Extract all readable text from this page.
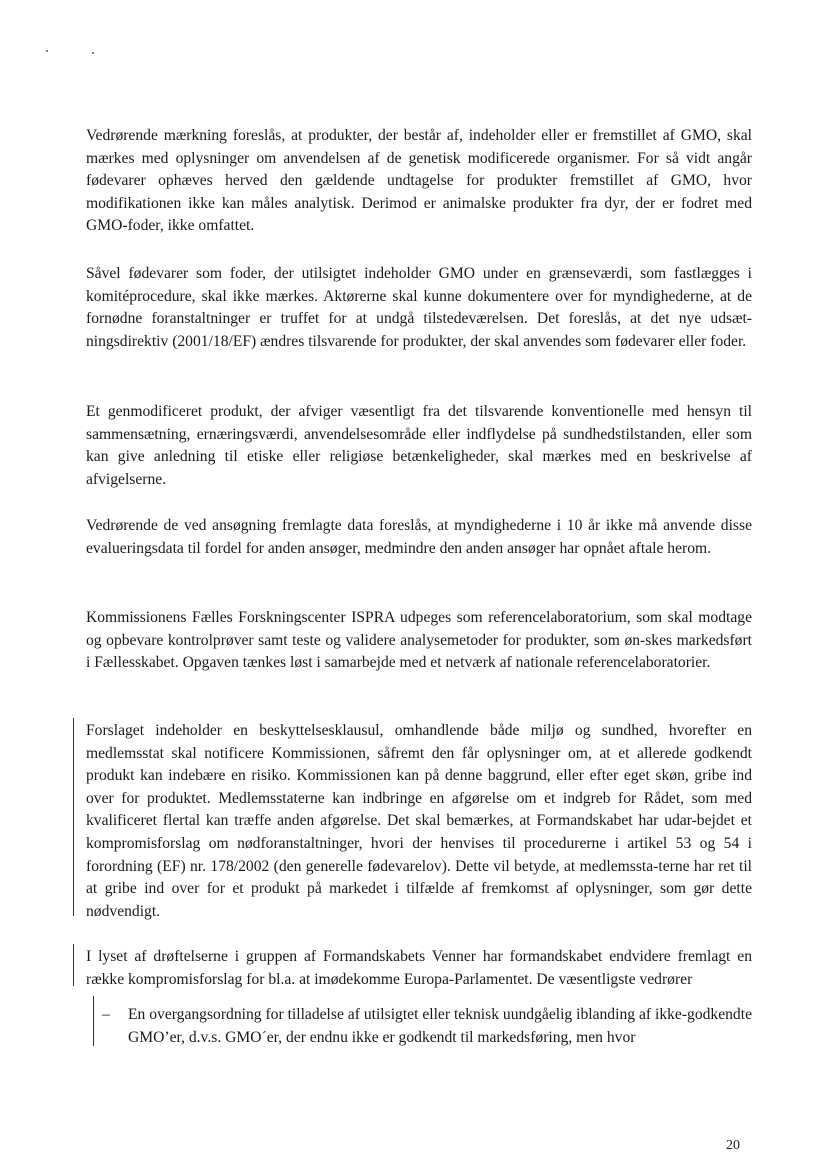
Vedrørende mærkning foreslås, at produkter, der består af, indeholder eller er fremstillet af GMO, skal mærkes med oplysninger om anvendelsen af de genetisk modificerede organismer. For så vidt angår fødevarer ophæves herved den gældende undtagelse for produkter fremstillet af GMO, hvor modifikationen ikke kan måles analytisk. Derimod er animalske produkter fra dyr, der er fodret med GMO-foder, ikke omfattet.

Såvel fødevarer som foder, der utilsigtet indeholder GMO under en grænseværdi, som fastlægges i komitéprocedure, skal ikke mærkes. Aktørerne skal kunne dokumentere over for myndighederne, at de fornødne foranstaltninger er truffet for at undgå tilstedeværelsen. Det foreslås, at det nye udsæt-ningsdirektiv (2001/18/EF) ændres tilsvarende for produkter, der skal anvendes som fødevarer eller foder.

Et genmodificeret produkt, der afviger væsentligt fra det tilsvarende konventionelle med hensyn til sammensætning, ernæringsværdi, anvendelsesområde eller indflydelse på sundhedstilstanden, eller som kan give anledning til etiske eller religiøse betænkeligheder, skal mærkes med en beskrivelse af afvigelserne.

Vedrørende de ved ansøgning fremlagte data foreslås, at myndighederne i 10 år ikke må anvende disse evalueringsdata til fordel for anden ansøger, medmindre den anden ansøger har opnået aftale herom.

Kommissionens Fælles Forskningscenter ISPRA udpeges som referencelaboratorium, som skal modtage og opbevare kontrolprøver samt teste og validere analysemetoder for produkter, som øn-skes markedsført i Fællesskabet. Opgaven tænkes løst i samarbejde med et netværk af nationale referencelaboratorier.

Forslaget indeholder en beskyttelsesklausul, omhandlende både miljø og sundhed, hvorefter en medlemsstat skal notificere Kommissionen, såfremt den får oplysninger om, at et allerede godkendt produkt kan indebære en risiko. Kommissionen kan på denne baggrund, eller efter eget skøn, gribe ind over for produktet. Medlemsstaterne kan indbringe en afgørelse om et indgreb for Rådet, som med kvalificeret flertal kan træffe anden afgørelse. Det skal bemærkes, at Formandskabet har udar-bejdet et kompromisforslag om nødforanstaltninger, hvori der henvises til procedurerne i artikel 53 og 54 i forordning (EF) nr. 178/2002 (den generelle fødevarelov). Dette vil betyde, at medlemssta-terne har ret til at gribe ind over for et produkt på markedet i tilfælde af fremkomst af oplysninger, som gør dette nødvendigt.

I lyset af drøftelserne i gruppen af Formandskabets Venner har formandskabet endvidere fremlagt en række kompromisforslag for bl.a. at imødekomme Europa-Parlamentet. De væsentligste vedrører

– En overgangsordning for tilladelse af utilsigtet eller teknisk uundgåelig iblanding af ikke-godkendte GMO’er, d.v.s. GMO´er, der endnu ikke er godkendt til markedsføring, men hvor
20
